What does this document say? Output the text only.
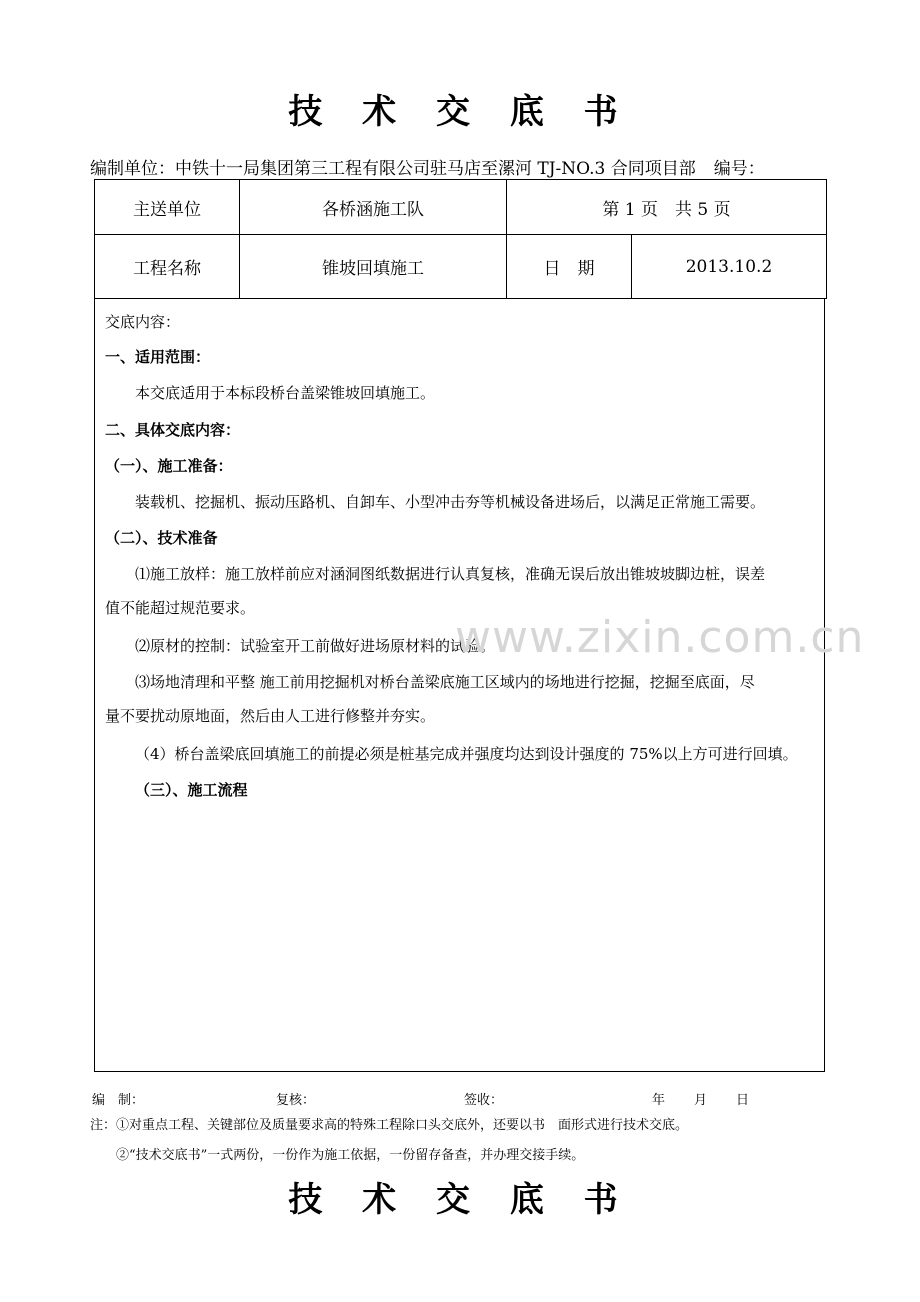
技 术 交 底 书
编制单位：中铁十一局集团第三工程有限公司驻马店至漯河 TJ-NO.3 合同项目部 编号：
主送单位	各桥涵施工队	第 1 页　共 5 页	
工程名称	锥坡回填施工	日　期	2013.10.2
交底内容：
一、适用范围：
本交底适用于本标段桥台盖梁锥坡回填施工。
二、具体交底内容：
（一）、施工准备：
装载机、挖掘机、振动压路机、自卸车、小型冲击夯等机械设备进场后，以满足正常施工需要。
（二）、技术准备
⑴施工放样：施工放样前应对涵洞图纸数据进行认真复核，准确无误后放出锥坡坡脚边桩，误差
值不能超过规范要求。
⑵原材的控制：试验室开工前做好进场原材料的试验。
⑶场地清理和平整 施工前用挖掘机对桥台盖梁底施工区域内的场地进行挖掘，挖掘至底面，尽
量不要扰动原地面，然后由人工进行修整并夯实。
（4）桥台盖梁底回填施工的前提必须是桩基完成并强度均达到设计强度的 75%以上方可进行回填。
（三）、施工流程
www.zixin.com.cn
编　制：	复核：	签收：	年 月 日
注：①对重点工程、关键部位及质量要求高的特殊工程除口头交底外，还要以书　面形式进行技术交底。
②“技术交底书”一式两份，一份作为施工依据，一份留存备查，并办理交接手续。
技 术 交 底 书
